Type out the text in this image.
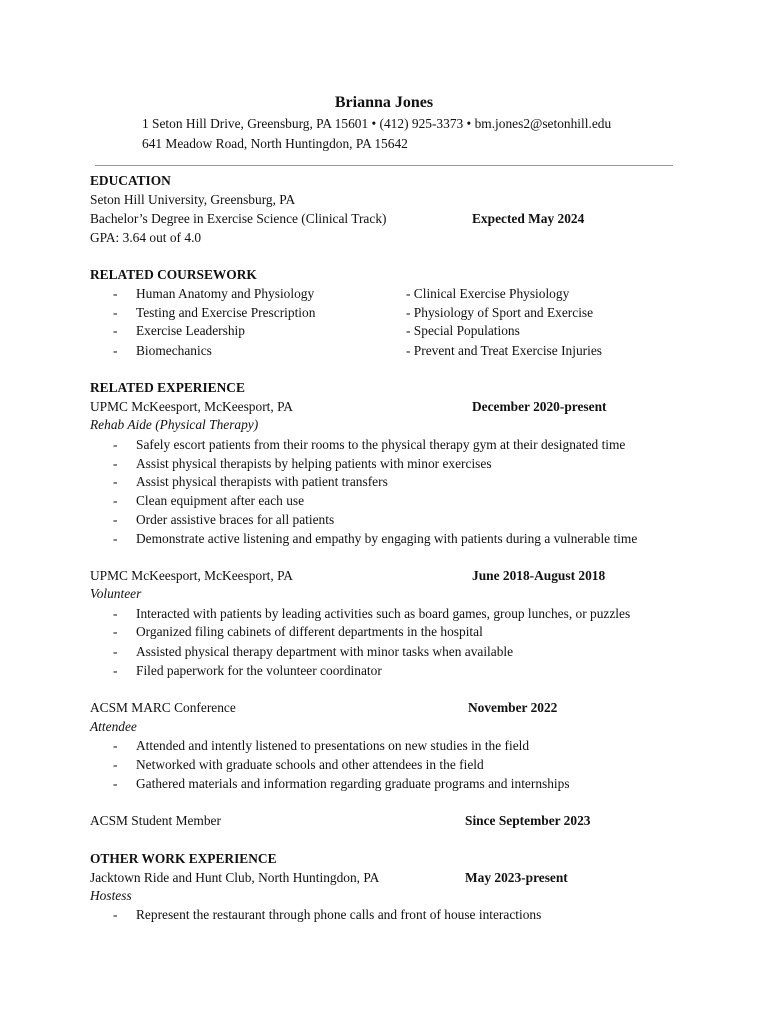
Brianna Jones
1 Seton Hill Drive, Greensburg, PA 15601 • (412) 925-3373 • bm.jones2@setonhill.edu
641 Meadow Road, North Huntingdon, PA 15642
EDUCATION
Seton Hill University, Greensburg, PA
Bachelor’s Degree in Exercise Science (Clinical Track)	Expected May 2024
GPA: 3.64 out of 4.0
RELATED COURSEWORK
- Human Anatomy and Physiology	- Clinical Exercise Physiology
- Testing and Exercise Prescription	- Physiology of Sport and Exercise
- Exercise Leadership	- Special Populations
- Biomechanics	- Prevent and Treat Exercise Injuries
RELATED EXPERIENCE
UPMC McKeesport, McKeesport, PA	December 2020-present
Rehab Aide (Physical Therapy)
- Safely escort patients from their rooms to the physical therapy gym at their designated time
- Assist physical therapists by helping patients with minor exercises
- Assist physical therapists with patient transfers
- Clean equipment after each use
- Order assistive braces for all patients
- Demonstrate active listening and empathy by engaging with patients during a vulnerable time
UPMC McKeesport, McKeesport, PA	June 2018-August 2018
Volunteer
- Interacted with patients by leading activities such as board games, group lunches, or puzzles
- Organized filing cabinets of different departments in the hospital
- Assisted physical therapy department with minor tasks when available
- Filed paperwork for the volunteer coordinator
ACSM MARC Conference	November 2022
Attendee
- Attended and intently listened to presentations on new studies in the field
- Networked with graduate schools and other attendees in the field
- Gathered materials and information regarding graduate programs and internships
ACSM Student Member	Since September 2023
OTHER WORK EXPERIENCE
Jacktown Ride and Hunt Club, North Huntingdon, PA	May 2023-present
Hostess
- Represent the restaurant through phone calls and front of house interactions
